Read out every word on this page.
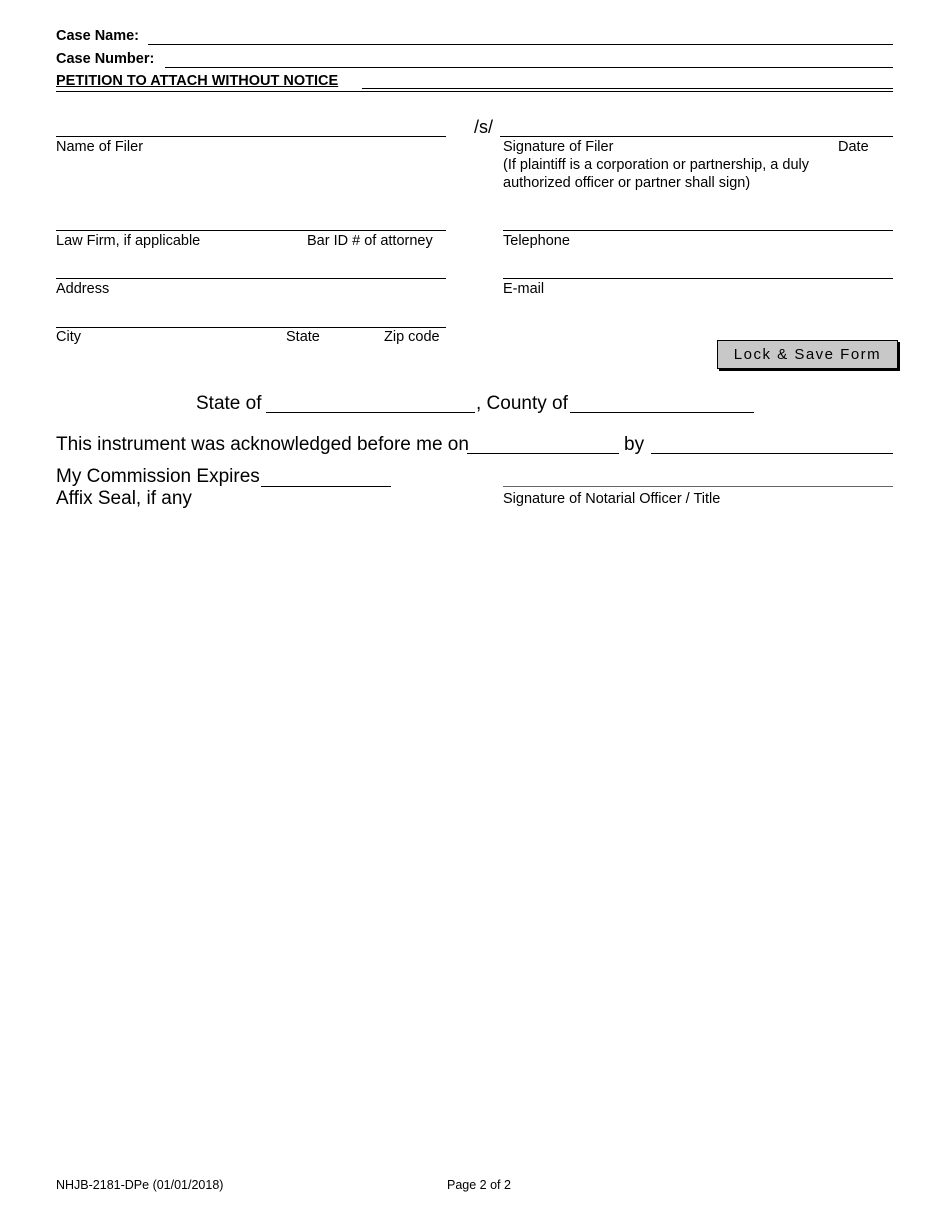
Case Name:
Case Number:
PETITION TO ATTACH WITHOUT NOTICE
Name of Filer
/s/
Signature of Filer	Date
(If plaintiff is a corporation or partnership, a duly authorized officer or partner shall sign)
Law Firm, if applicable	Bar ID # of attorney	Telephone
Address	E-mail
City	State	Zip code
Lock & Save Form
State of	, County of
This instrument was acknowledged before me on	by
My Commission Expires
Affix Seal, if any	Signature of Notarial Officer / Title
NHJB-2181-DPe (01/01/2018)	Page 2 of 2
